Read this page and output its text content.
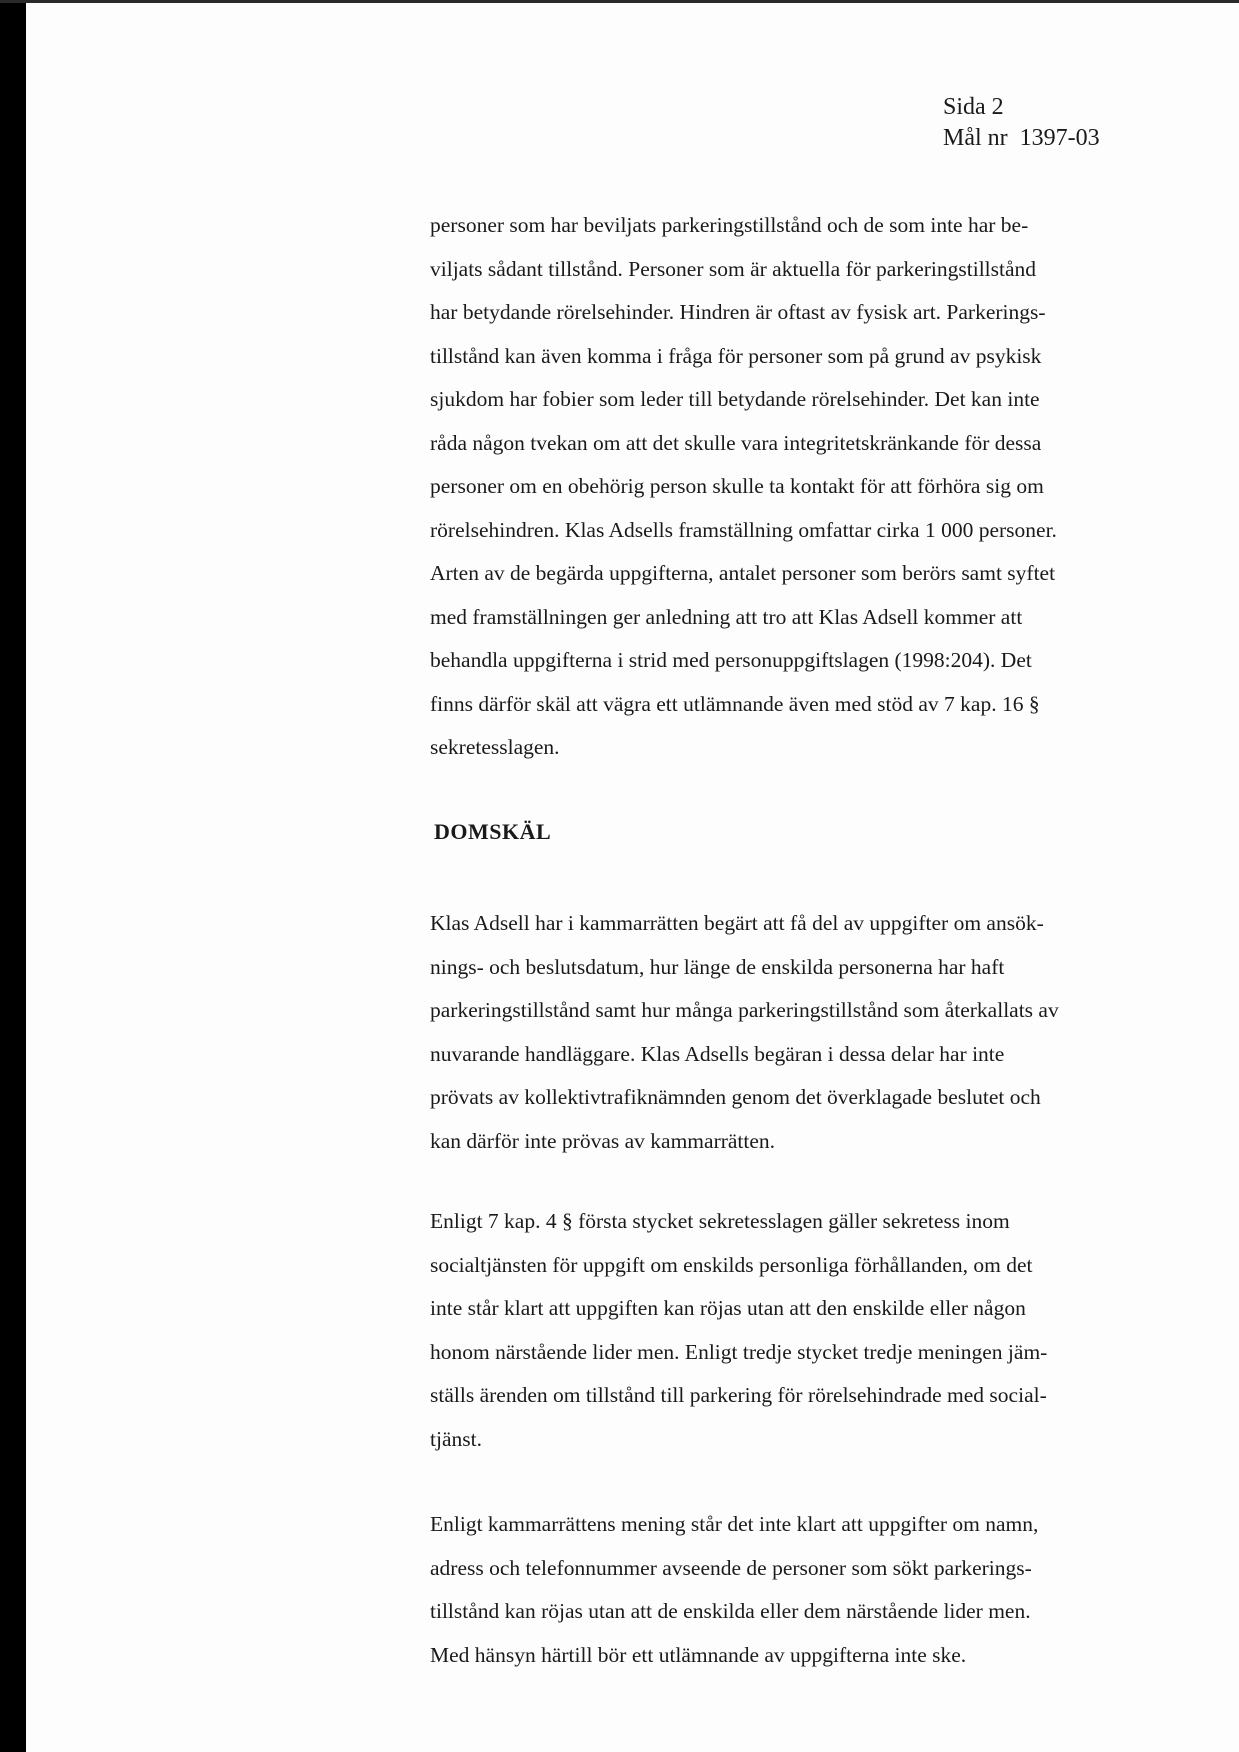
Sida 2
Mål nr 1397-03

personer som har beviljats parkeringstillstånd och de som inte har be-

viljats sådant tillstånd. Personer som är aktuella för parkeringstillstånd

har betydande rörelsehinder. Hindren är oftast av fysisk art. Parkerings-

tillstånd kan även komma i fråga för personer som på grund av psykisk

sjukdom har fobier som leder till betydande rörelsehinder. Det kan inte

råda någon tvekan om att det skulle vara integritetskränkande för dessa

personer om en obehörig person skulle ta kontakt för att förhöra sig om

rörelsehindren. Klas Adsells framställning omfattar cirka 1 000 personer.

Arten av de begärda uppgifterna, antalet personer som berörs samt syftet

med framställningen ger anledning att tro att Klas Adsell kommer att

behandla uppgifterna i strid med personuppgiftslagen (1998:204). Det

finns därför skäl att vägra ett utlämnande även med stöd av 7 kap. 16 §

sekretesslagen.

DOMSKÄL

Klas Adsell har i kammarrätten begärt att få del av uppgifter om ansök-

nings- och beslutsdatum, hur länge de enskilda personerna har haft

parkeringstillstånd samt hur många parkeringstillstånd som återkallats av

nuvarande handläggare. Klas Adsells begäran i dessa delar har inte

prövats av kollektivtrafiknämnden genom det överklagade beslutet och

kan därför inte prövas av kammarrätten.

Enligt 7 kap. 4 § första stycket sekretesslagen gäller sekretess inom

socialtjänsten för uppgift om enskilds personliga förhållanden, om det

inte står klart att uppgiften kan röjas utan att den enskilde eller någon

honom närstående lider men. Enligt tredje stycket tredje meningen jäm-

ställs ärenden om tillstånd till parkering för rörelsehindrade med social-

tjänst.

Enligt kammarrättens mening står det inte klart att uppgifter om namn,

adress och telefonnummer avseende de personer som sökt parkerings-

tillstånd kan röjas utan att de enskilda eller dem närstående lider men.

Med hänsyn härtill bör ett utlämnande av uppgifterna inte ske.
